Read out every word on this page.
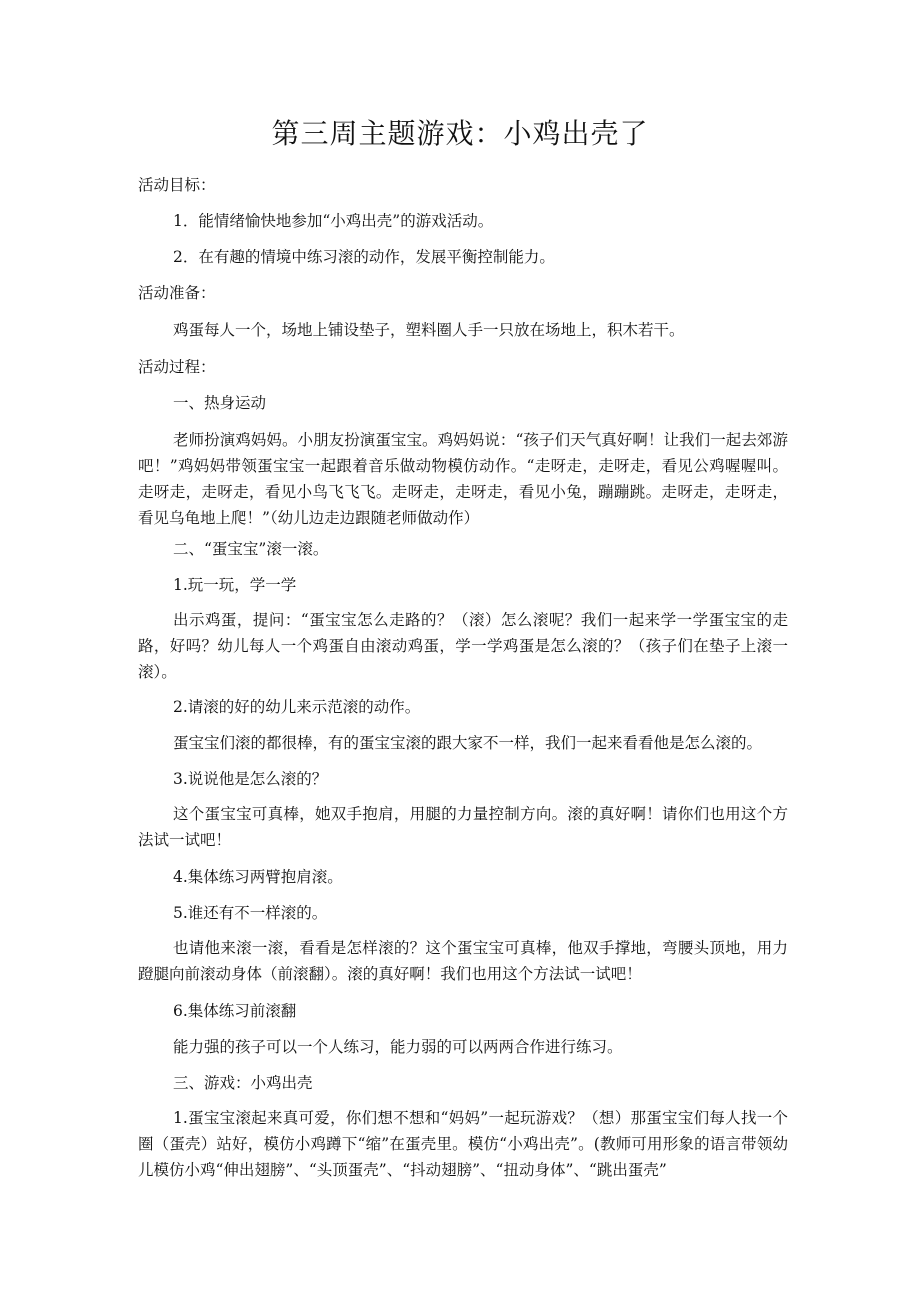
第三周主题游戏：小鸡出壳了
活动目标：
1．能情绪愉快地参加“小鸡出壳”的游戏活动。
2．在有趣的情境中练习滚的动作，发展平衡控制能力。
活动准备：
鸡蛋每人一个，场地上铺设垫子，塑料圈人手一只放在场地上，积木若干。
活动过程：
一、热身运动
老师扮演鸡妈妈。小朋友扮演蛋宝宝。鸡妈妈说：“孩子们天气真好啊！让我们一起去郊游吧！”鸡妈妈带领蛋宝宝一起跟着音乐做动物模仿动作。“走呀走，走呀走，看见公鸡喔喔叫。走呀走，走呀走，看见小鸟飞飞飞。走呀走，走呀走，看见小兔，蹦蹦跳。走呀走，走呀走，看见乌龟地上爬！”（幼儿边走边跟随老师做动作）
二、“蛋宝宝”滚一滚。
1.玩一玩，学一学
出示鸡蛋，提问：“蛋宝宝怎么走路的？（滚）怎么滚呢？我们一起来学一学蛋宝宝的走路，好吗？幼儿每人一个鸡蛋自由滚动鸡蛋，学一学鸡蛋是怎么滚的？（孩子们在垫子上滚一滚）。
2.请滚的好的幼儿来示范滚的动作。
蛋宝宝们滚的都很棒，有的蛋宝宝滚的跟大家不一样，我们一起来看看他是怎么滚的。
3.说说他是怎么滚的？
这个蛋宝宝可真棒，她双手抱肩，用腿的力量控制方向。滚的真好啊！请你们也用这个方法试一试吧！
4.集体练习两臂抱肩滚。
5.谁还有不一样滚的。
也请他来滚一滚，看看是怎样滚的？这个蛋宝宝可真棒，他双手撑地，弯腰头顶地，用力蹬腿向前滚动身体（前滚翻）。滚的真好啊！我们也用这个方法试一试吧！
6.集体练习前滚翻
能力强的孩子可以一个人练习，能力弱的可以两两合作进行练习。
三、游戏：小鸡出壳
1.蛋宝宝滚起来真可爱，你们想不想和“妈妈”一起玩游戏？（想）那蛋宝宝们每人找一个圈（蛋壳）站好，模仿小鸡蹲下“缩”在蛋壳里。模仿“小鸡出壳”。(教师可用形象的语言带领幼儿模仿小鸡“伸出翅膀”、“头顶蛋壳”、“抖动翅膀”、“扭动身体”、“跳出蛋壳”
